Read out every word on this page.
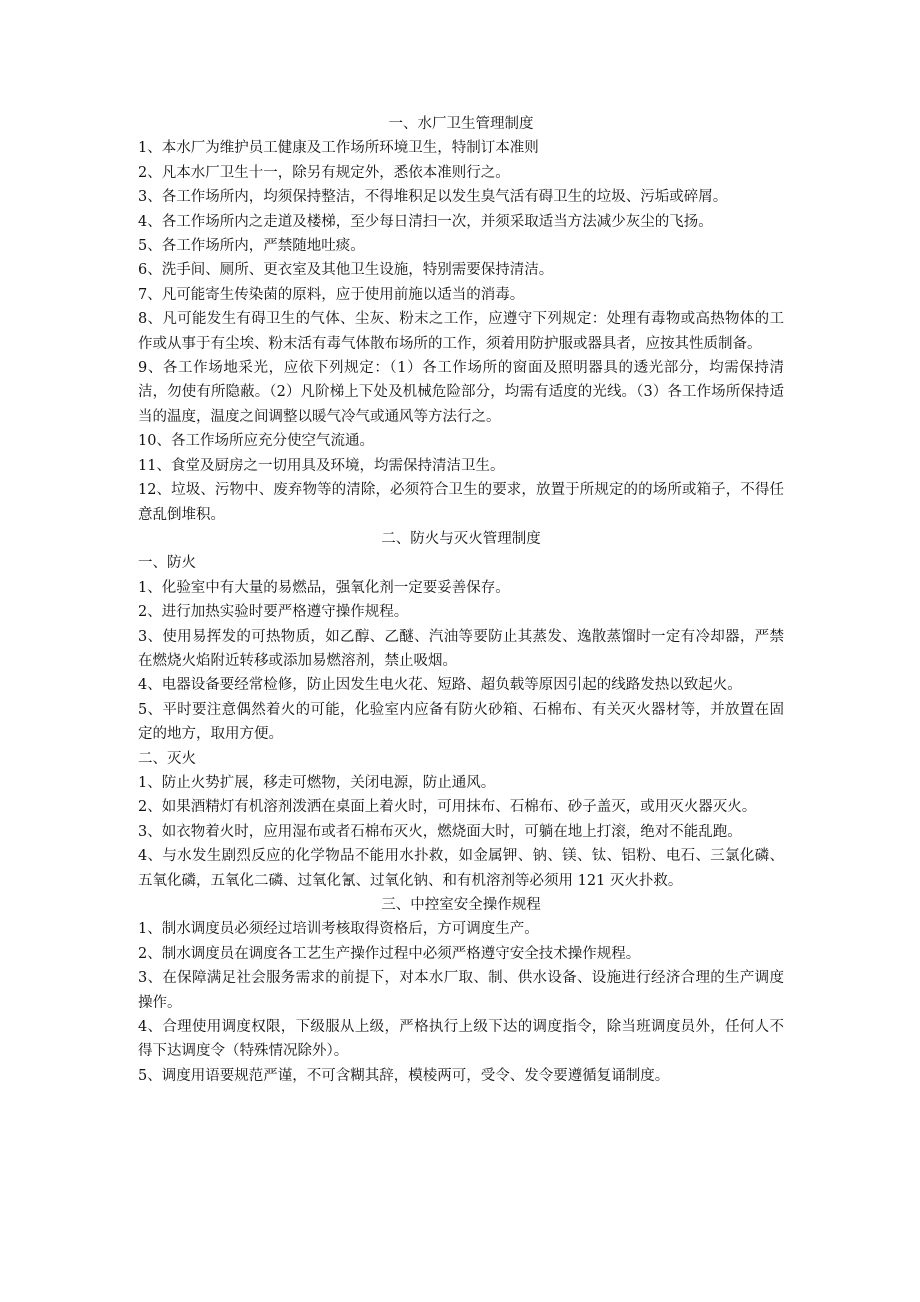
一、水厂卫生管理制度

1、本水厂为维护员工健康及工作场所环境卫生，特制订本准则

2、凡本水厂卫生十一，除另有规定外，悉依本准则行之。

3、各工作场所内，均须保持整洁，不得堆积足以发生臭气活有碍卫生的垃圾、污垢或碎屑。

4、各工作场所内之走道及楼梯，至少每日清扫一次，并须采取适当方法减少灰尘的飞扬。

5、各工作场所内，严禁随地吐痰。

6、洗手间、厕所、更衣室及其他卫生设施，特别需要保持清洁。

7、凡可能寄生传染菌的原料，应于使用前施以适当的消毒。

8、凡可能发生有碍卫生的气体、尘灰、粉末之工作，应遵守下列规定：处理有毒物或高热物体的工作或从事于有尘埃、粉末活有毒气体散布场所的工作，须着用防护服或器具者，应按其性质制备。

9、各工作场地采光，应依下列规定：（1）各工作场所的窗面及照明器具的透光部分，均需保持清洁，勿使有所隐蔽。（2）凡阶梯上下处及机械危险部分，均需有适度的光线。（3）各工作场所保持适当的温度，温度之间调整以暖气冷气或通风等方法行之。

10、各工作场所应充分使空气流通。

11、食堂及厨房之一切用具及环境，均需保持清洁卫生。

12、垃圾、污物中、废弃物等的清除，必须符合卫生的要求，放置于所规定的的场所或箱子，不得任意乱倒堆积。

二、防火与灭火管理制度

一、防火

1、化验室中有大量的易燃品，强氧化剂一定要妥善保存。

2、进行加热实验时要严格遵守操作规程。

3、使用易挥发的可热物质，如乙醇、乙醚、汽油等要防止其蒸发、逸散蒸馏时一定有冷却器，严禁在燃烧火焰附近转移或添加易燃溶剂，禁止吸烟。

4、电器设备要经常检修，防止因发生电火花、短路、超负载等原因引起的线路发热以致起火。

5、平时要注意偶然着火的可能，化验室内应备有防火砂箱、石棉布、有关灭火器材等，并放置在固定的地方，取用方便。

二、灭火

1、防止火势扩展，移走可燃物，关闭电源，防止通风。

2、如果酒精灯有机溶剂泼洒在桌面上着火时，可用抹布、石棉布、砂子盖灭，或用灭火器灭火。

3、如衣物着火时，应用湿布或者石棉布灭火，燃烧面大时，可躺在地上打滚，绝对不能乱跑。

4、与水发生剧烈反应的化学物品不能用水扑救，如金属钾、钠、镁、钛、铝粉、电石、三氯化磷、五氧化磷，五氧化二磷、过氧化氰、过氧化钠、和有机溶剂等必须用 121 灭火扑救。

三、中控室安全操作规程

1、制水调度员必须经过培训考核取得资格后，方可调度生产。

2、制水调度员在调度各工艺生产操作过程中必须严格遵守安全技术操作规程。

3、在保障满足社会服务需求的前提下，对本水厂取、制、供水设备、设施进行经济合理的生产调度操作。

4、合理使用调度权限，下级服从上级，严格执行上级下达的调度指令，除当班调度员外，任何人不得下达调度令（特殊情况除外）。

5、调度用语要规范严谨，不可含糊其辞，模棱两可，受令、发令要遵循复诵制度。
